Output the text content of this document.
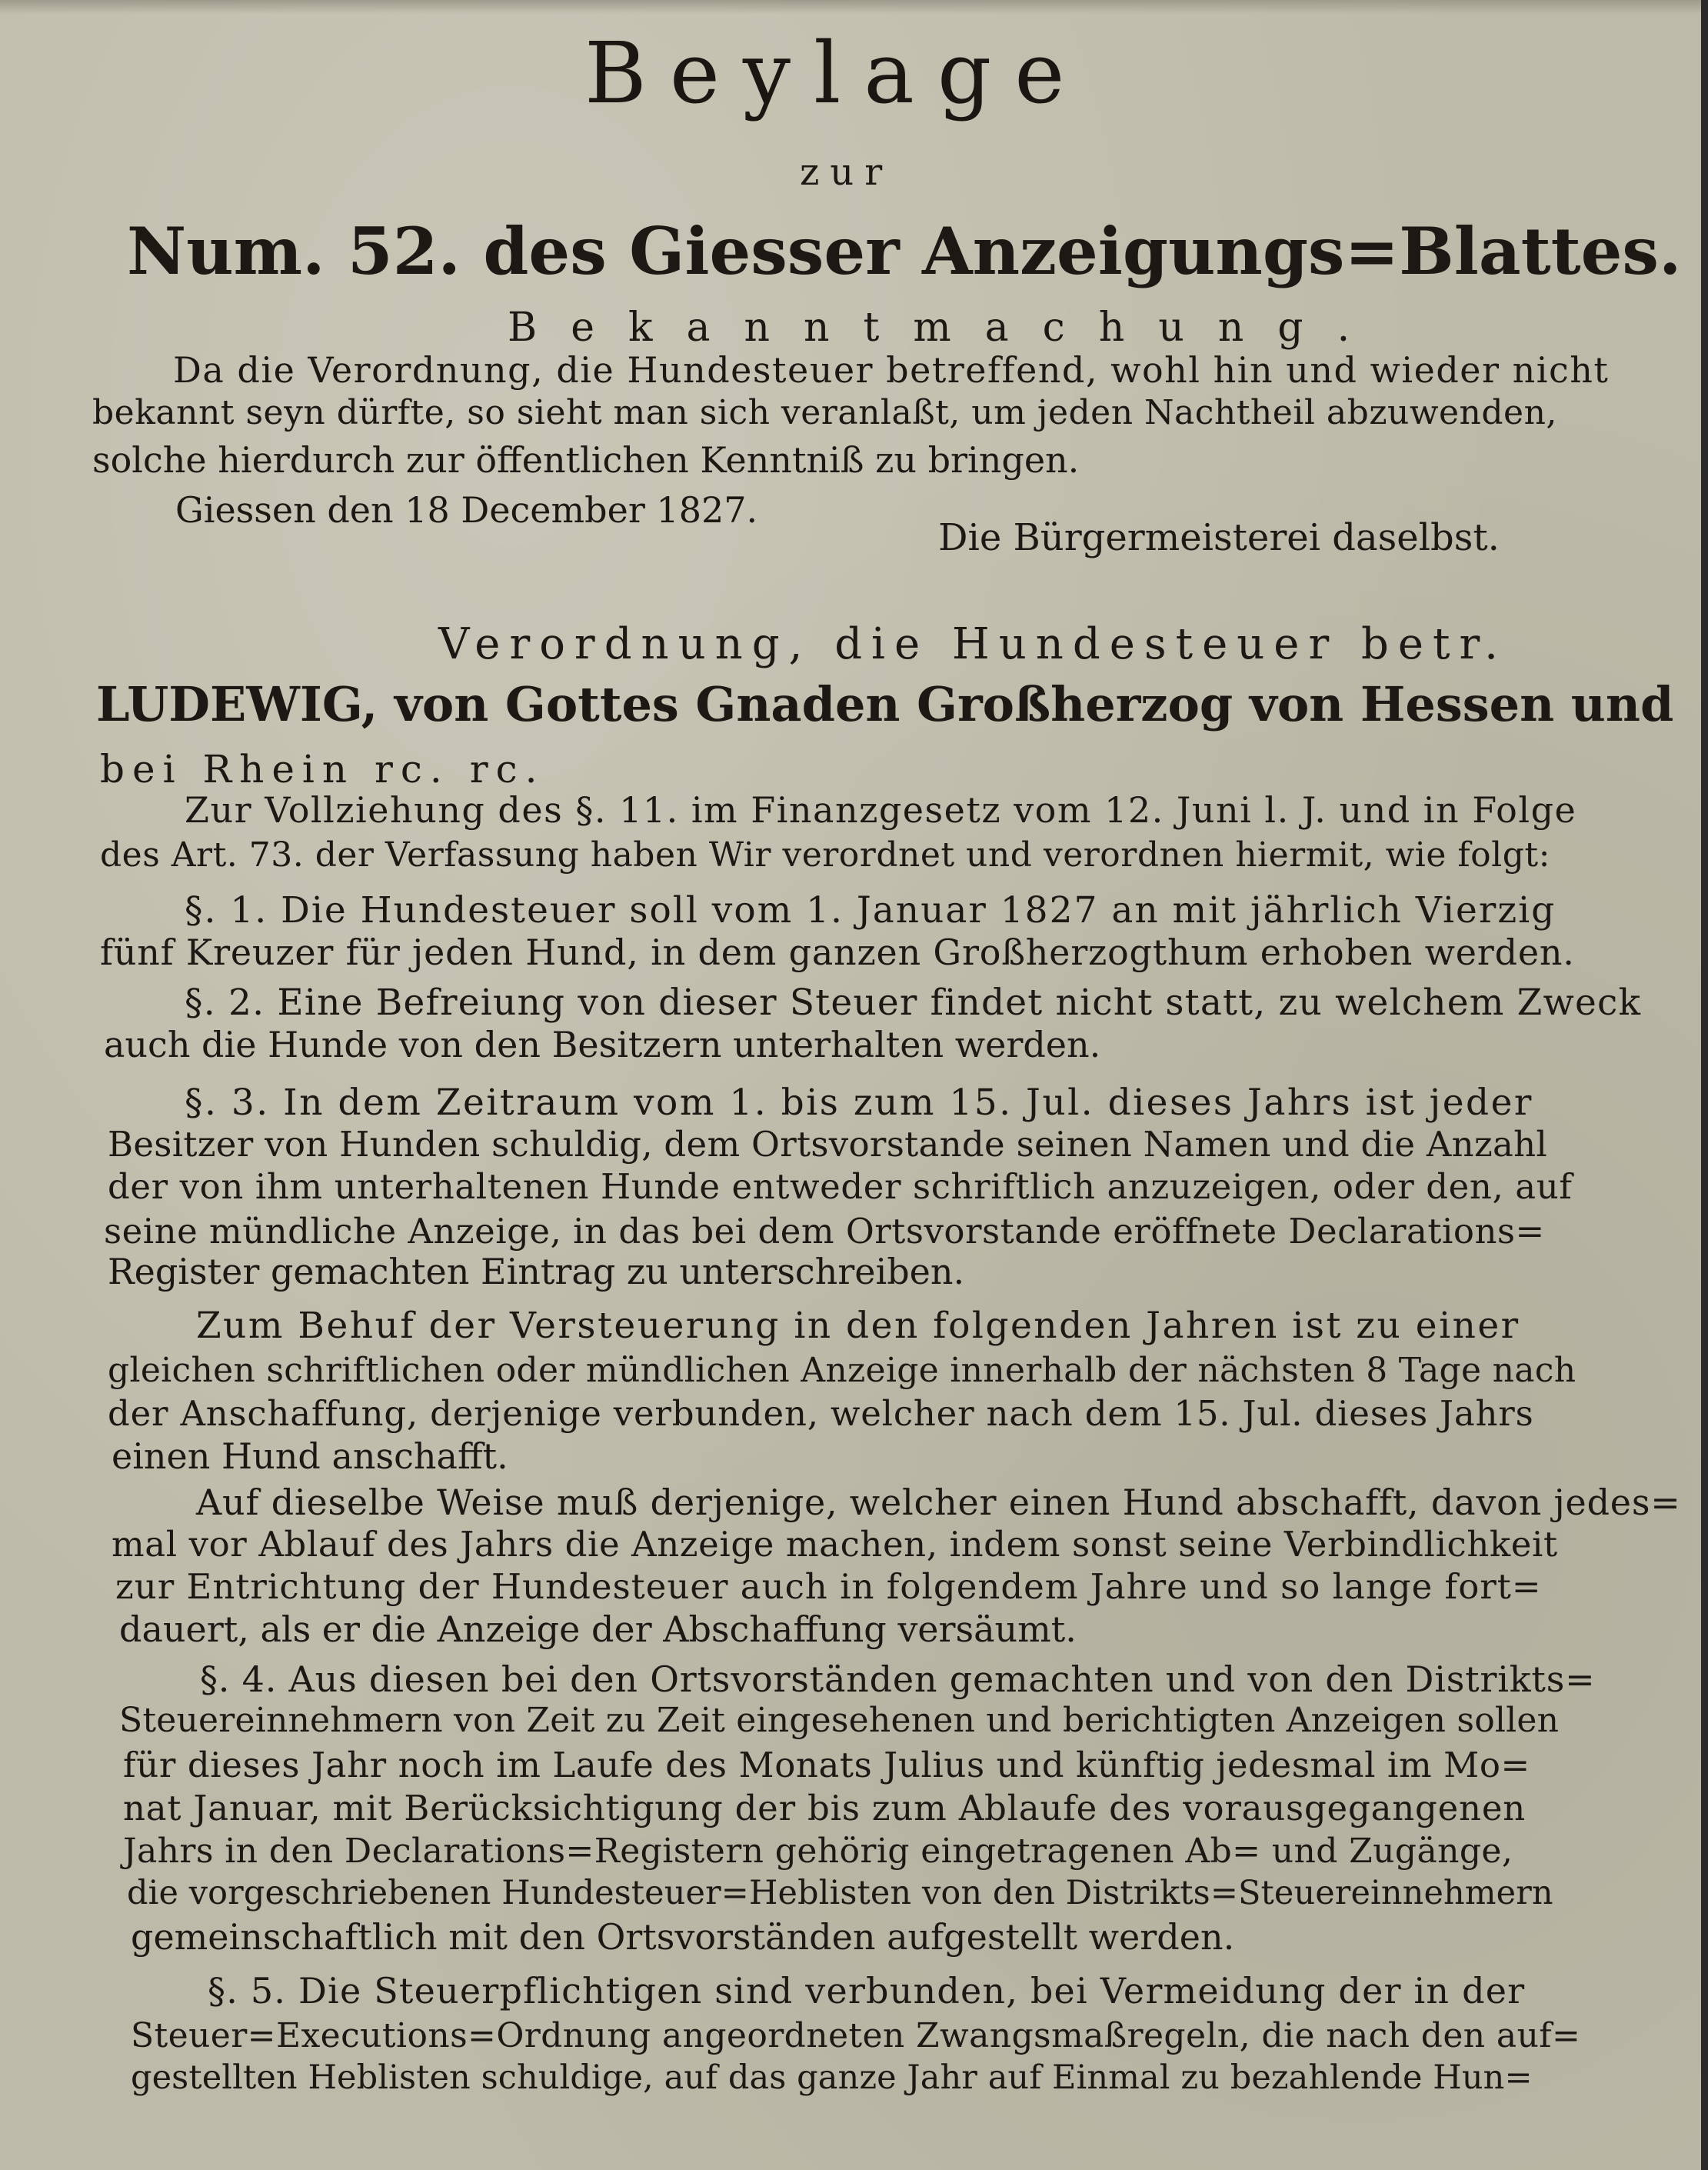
Beylage

zur

Num. 52. des Giesser Anzeigungs=Blattes.

Bekanntmachung.

Da die Verordnung, die Hundesteuer betreffend, wohl hin und wieder nicht

bekannt seyn dürfte, so sieht man sich veranlaßt, um jeden Nachtheil abzuwenden,

solche hierdurch zur öffentlichen Kenntniß zu bringen.

Giessen den 18 December 1827.

Die Bürgermeisterei daselbst.

Verordnung, die Hundesteuer betr.

LUDEWIG, von Gottes Gnaden Großherzog von Hessen und

bei Rhein rc. rc.

Zur Vollziehung des §. 11. im Finanzgesetz vom 12. Juni l. J. und in Folge

des Art. 73. der Verfassung haben Wir verordnet und verordnen hiermit, wie folgt:

§. 1. Die Hundesteuer soll vom 1. Januar 1827 an mit jährlich Vierzig

fünf Kreuzer für jeden Hund, in dem ganzen Großherzogthum erhoben werden.

§. 2. Eine Befreiung von dieser Steuer findet nicht statt, zu welchem Zweck

auch die Hunde von den Besitzern unterhalten werden.

§. 3. In dem Zeitraum vom 1. bis zum 15. Jul. dieses Jahrs ist jeder

Besitzer von Hunden schuldig, dem Ortsvorstande seinen Namen und die Anzahl

der von ihm unterhaltenen Hunde entweder schriftlich anzuzeigen, oder den, auf

seine mündliche Anzeige, in das bei dem Ortsvorstande eröffnete Declarations=

Register gemachten Eintrag zu unterschreiben.

Zum Behuf der Versteuerung in den folgenden Jahren ist zu einer

gleichen schriftlichen oder mündlichen Anzeige innerhalb der nächsten 8 Tage nach

der Anschaffung, derjenige verbunden, welcher nach dem 15. Jul. dieses Jahrs

einen Hund anschafft.

Auf dieselbe Weise muß derjenige, welcher einen Hund abschafft, davon jedes=

mal vor Ablauf des Jahrs die Anzeige machen, indem sonst seine Verbindlichkeit

zur Entrichtung der Hundesteuer auch in folgendem Jahre und so lange fort=

dauert, als er die Anzeige der Abschaffung versäumt.

§. 4. Aus diesen bei den Ortsvorständen gemachten und von den Distrikts=

Steuereinnehmern von Zeit zu Zeit eingesehenen und berichtigten Anzeigen sollen

für dieses Jahr noch im Laufe des Monats Julius und künftig jedesmal im Mo=

nat Januar, mit Berücksichtigung der bis zum Ablaufe des vorausgegangenen

Jahrs in den Declarations=Registern gehörig eingetragenen Ab= und Zugänge,

die vorgeschriebenen Hundesteuer=Heblisten von den Distrikts=Steuereinnehmern

gemeinschaftlich mit den Ortsvorständen aufgestellt werden.

§. 5. Die Steuerpflichtigen sind verbunden, bei Vermeidung der in der

Steuer=Executions=Ordnung angeordneten Zwangsmaßregeln, die nach den auf=

gestellten Heblisten schuldige, auf das ganze Jahr auf Einmal zu bezahlende Hun=
